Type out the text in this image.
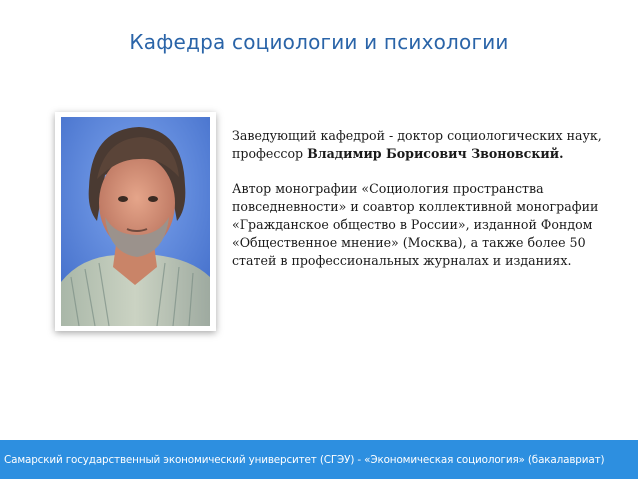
Кафедра социологии и психологии

Заведующий кафедрой - доктор социологических наук, профессор Владимир Борисович Звоновский.

Автор монографии «Социология пространства повседневности» и соавтор коллективной монографии «Гражданское общество в России», изданной Фондом «Общественное мнение» (Москва), а также более 50 статей в профессиональных журналах и изданиях.

Самарский государственный экономический университет (СГЭУ) - «Экономическая социология» (бакалавриат)
